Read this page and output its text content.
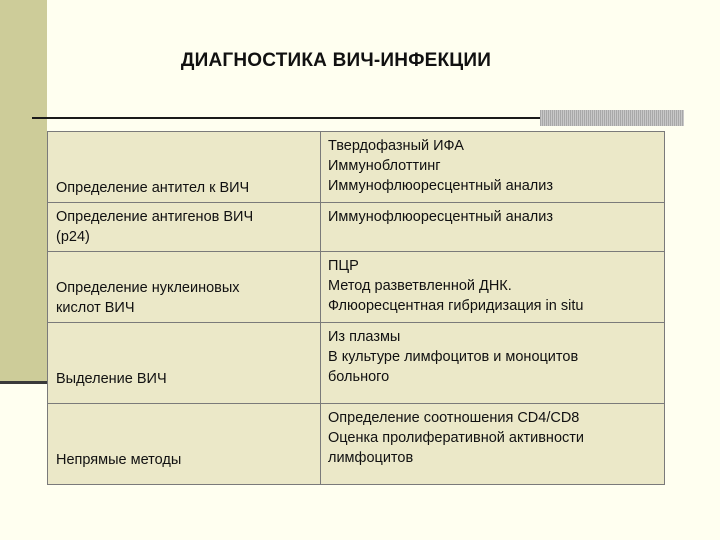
ДИАГНОСТИКА ВИЧ-ИНФЕКЦИИ
Определение антител к ВИЧ	Твердофазный ИФА
Иммуноблоттинг
Иммунофлюоресцентный анализ

Определение антигенов ВИЧ
(р24)	Иммунофлюоресцентный анализ

Определение нуклеиновых
кислот ВИЧ	ПЦР
Метод разветвленной ДНК.
Флюоресцентная гибридизация in situ

Выделение ВИЧ	Из плазмы
В культуре лимфоцитов и моноцитов
больного

Непрямые методы	Определение соотношения CD4/CD8
Оценка пролиферативной активности
лимфоцитов
